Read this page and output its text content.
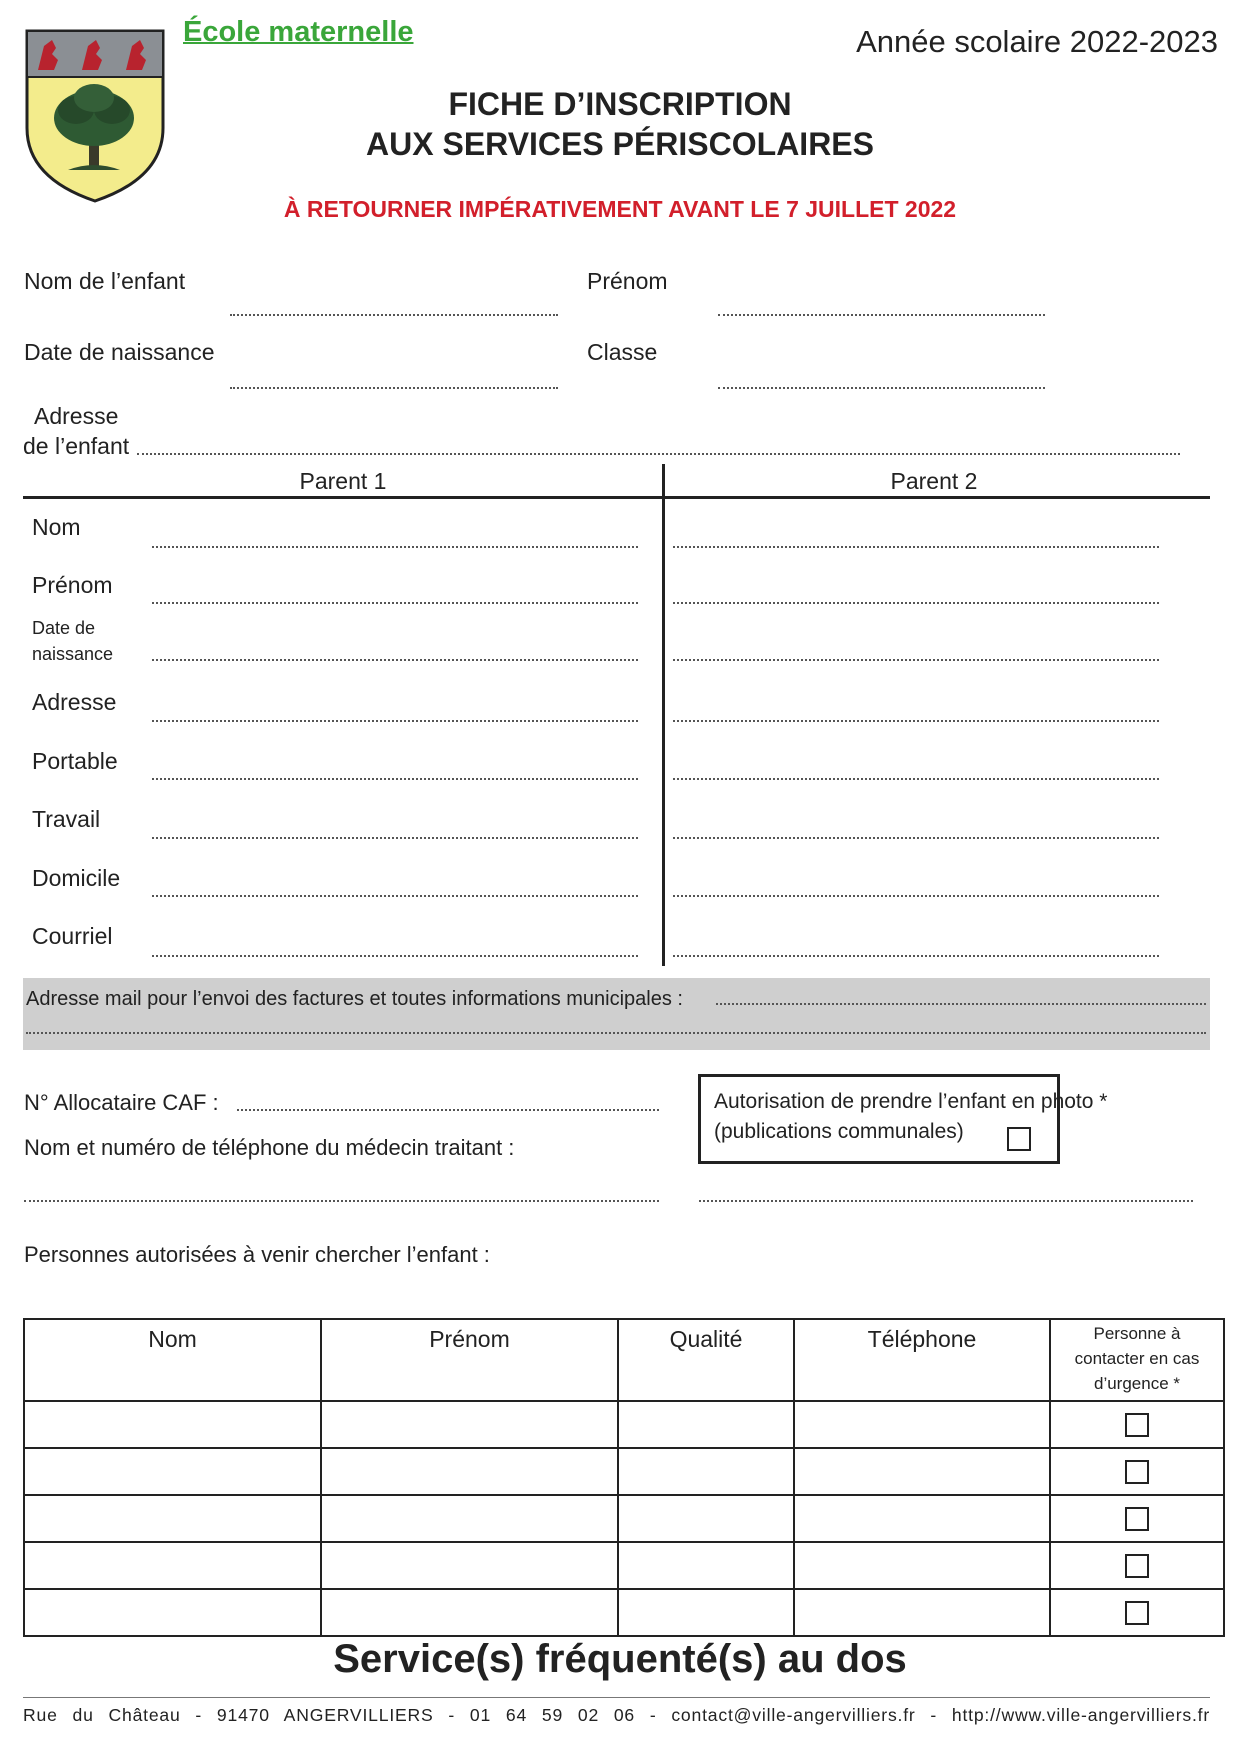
École maternelle	Année scolaire 2022-2023
FICHE D’INSCRIPTION
AUX SERVICES PÉRISCOLAIRES
À RETOURNER IMPÉRATIVEMENT AVANT LE 7 JUILLET 2022
Nom de l’enfant	Prénom
Date de naissance	Classe
Adresse
de l’enfant
Parent 1	Parent 2
Nom
Prénom
Date de
naissance
Adresse
Portable
Travail
Domicile
Courriel
Adresse mail pour l’envoi des factures et toutes informations municipales :
N° Allocataire CAF :
Nom et numéro de téléphone du médecin traitant :
Autorisation de prendre l’enfant en photo *
(publications communales)
Personnes autorisées à venir chercher l’enfant :
Nom	Prénom	Qualité	Téléphone	Personne à
contacter en cas
d’urgence *

Service(s) fréquenté(s) au dos
Rue du Château - 91470 ANGERVILLIERS - 01 64 59 02 06 - contact@ville-angervilliers.fr - http://www.ville-angervilliers.fr
